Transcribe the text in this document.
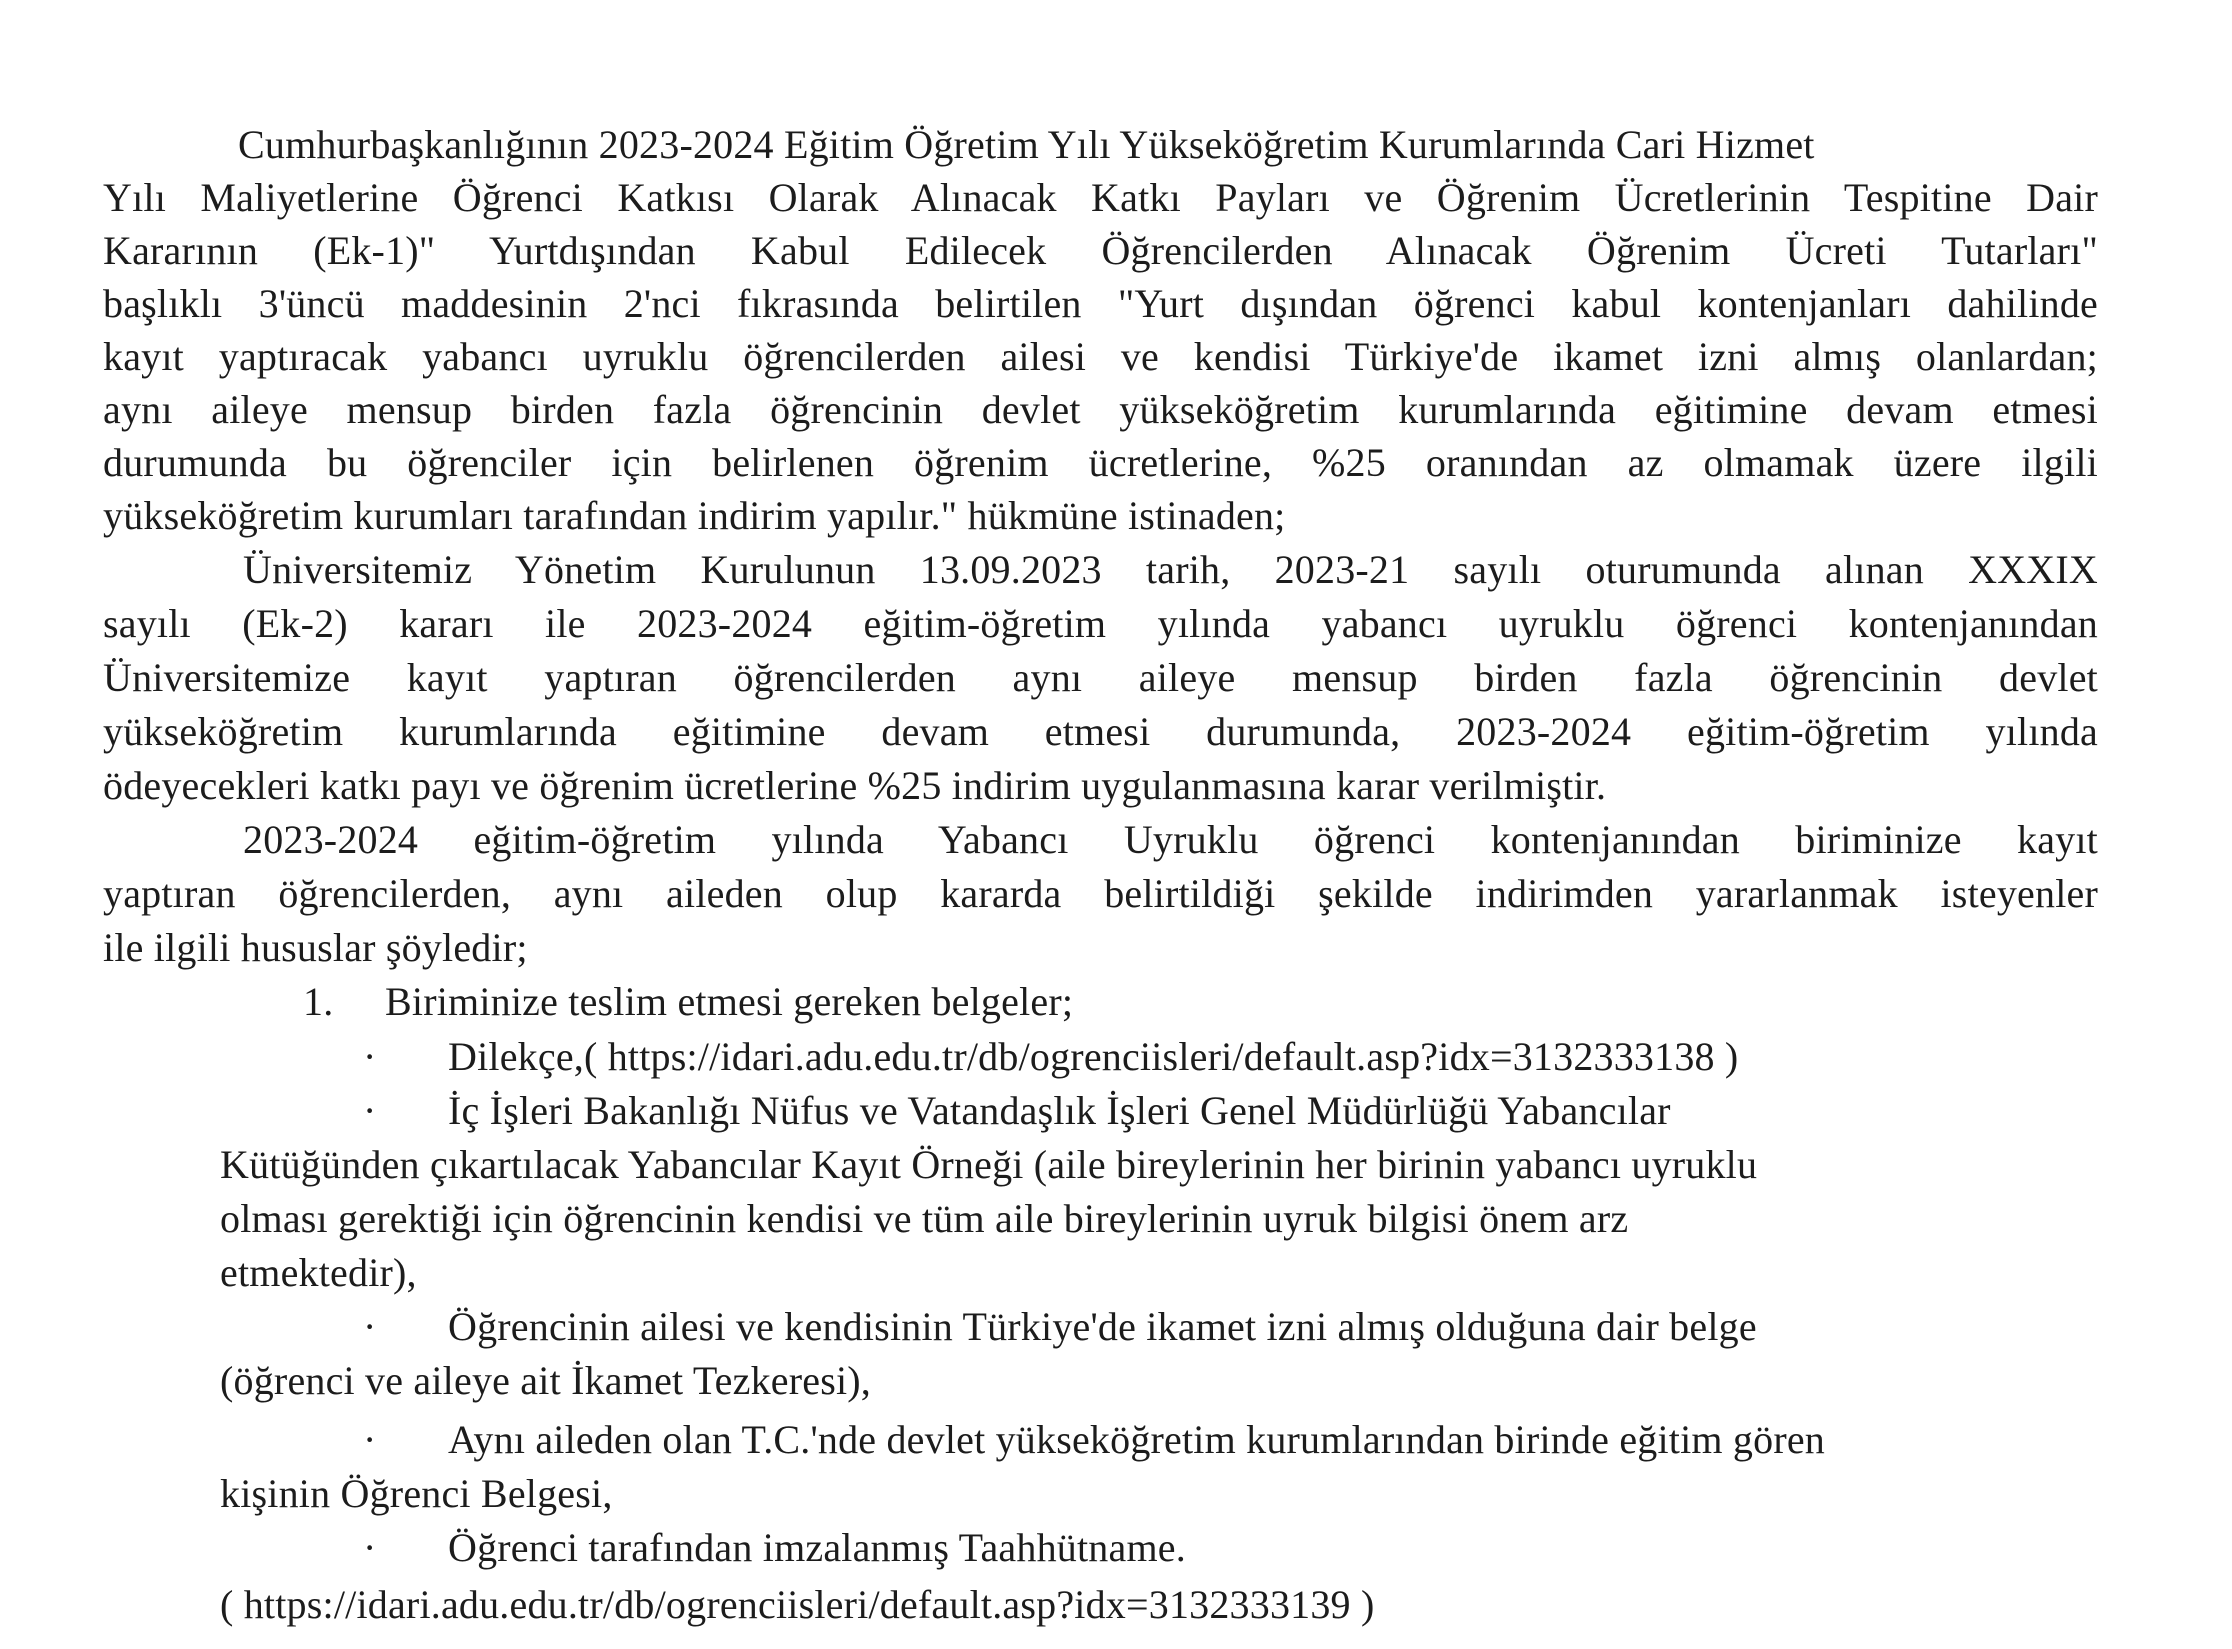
Cumhurbaşkanlığının 2023-2024 Eğitim Öğretim Yılı Yükseköğretim Kurumlarında Cari Hizmet
Yılı Maliyetlerine Öğrenci Katkısı Olarak Alınacak Katkı Payları ve Öğrenim Ücretlerinin Tespitine Dair
Kararının (Ek-1)" Yurtdışından Kabul Edilecek Öğrencilerden Alınacak Öğrenim Ücreti Tutarları"
başlıklı 3'üncü maddesinin 2'nci fıkrasında belirtilen "Yurt dışından öğrenci kabul kontenjanları dahilinde
kayıt yaptıracak yabancı uyruklu öğrencilerden ailesi ve kendisi Türkiye'de ikamet izni almış olanlardan;
aynı aileye mensup birden fazla öğrencinin devlet yükseköğretim kurumlarında eğitimine devam etmesi
durumunda bu öğrenciler için belirlenen öğrenim ücretlerine, %25 oranından az olmamak üzere ilgili
yükseköğretim kurumları tarafından indirim yapılır." hükmüne istinaden;
Üniversitemiz Yönetim Kurulunun 13.09.2023 tarih, 2023-21 sayılı oturumunda alınan XXXIX
sayılı (Ek-2) kararı ile 2023-2024 eğitim-öğretim yılında yabancı uyruklu öğrenci kontenjanından
Üniversitemize kayıt yaptıran öğrencilerden aynı aileye mensup birden fazla öğrencinin devlet
yükseköğretim kurumlarında eğitimine devam etmesi durumunda, 2023-2024 eğitim-öğretim yılında
ödeyecekleri katkı payı ve öğrenim ücretlerine %25 indirim uygulanmasına karar verilmiştir.
2023-2024 eğitim-öğretim yılında Yabancı Uyruklu öğrenci kontenjanından biriminize kayıt
yaptıran öğrencilerden, aynı aileden olup kararda belirtildiği şekilde indirimden yararlanmak isteyenler
ile ilgili hususlar şöyledir;
1. Biriminize teslim etmesi gereken belgeler;
· Dilekçe,( https://idari.adu.edu.tr/db/ogrenciisleri/default.asp?idx=3132333138 )
· İç İşleri Bakanlığı Nüfus ve Vatandaşlık İşleri Genel Müdürlüğü Yabancılar
Kütüğünden çıkartılacak Yabancılar Kayıt Örneği (aile bireylerinin her birinin yabancı uyruklu
olması gerektiği için öğrencinin kendisi ve tüm aile bireylerinin uyruk bilgisi önem arz
etmektedir),
· Öğrencinin ailesi ve kendisinin Türkiye'de ikamet izni almış olduğuna dair belge
(öğrenci ve aileye ait İkamet Tezkeresi),
· Aynı aileden olan T.C.'nde devlet yükseköğretim kurumlarından birinde eğitim gören
kişinin Öğrenci Belgesi,
· Öğrenci tarafından imzalanmış Taahhütname.
( https://idari.adu.edu.tr/db/ogrenciisleri/default.asp?idx=3132333139 )
